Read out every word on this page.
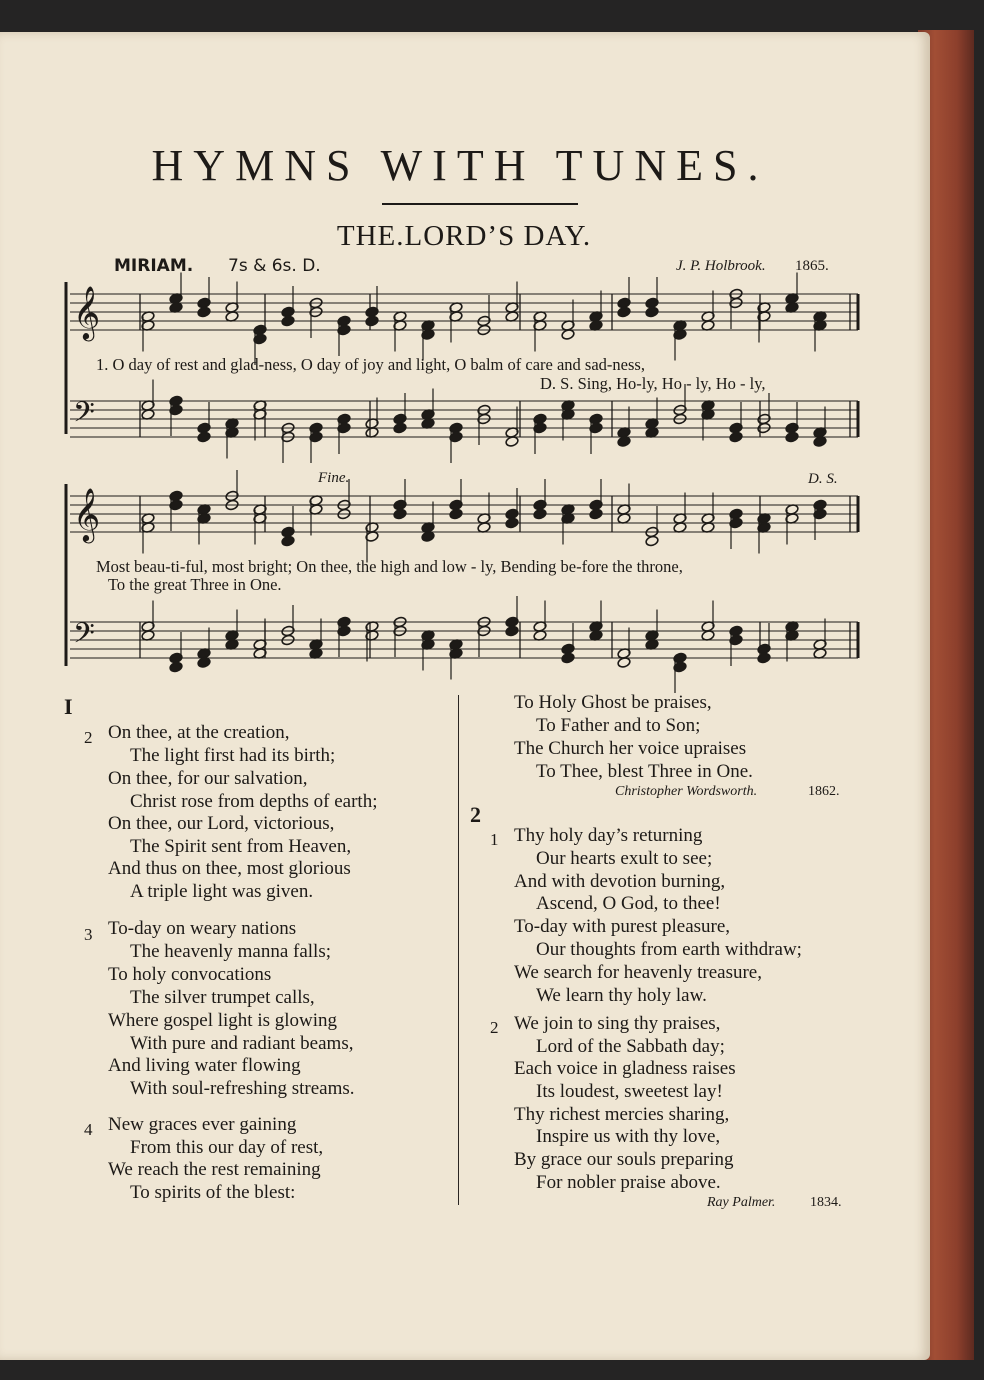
HYMNS WITH TUNES.
THE.LORD’S DAY.
MIRIAM. 7s & 6s. D.	J. P. Holbrook. 1865.
𝄞
𝄢
𝄞
𝄢
1. O day of rest and glad-ness, O day of joy and light, O balm of care and sad-ness,
D. S. Sing, Ho-ly, Ho - ly, Ho - ly,
Fine.	D. S.
Most beau-ti-ful, most bright; On thee, the high and low - ly, Bending be-fore the throne,
To the great Three in One.
I
2 On thee, at the creation,
The light first had its birth;
On thee, for our salvation,
Christ rose from depths of earth;
On thee, our Lord, victorious,
The Spirit sent from Heaven,
And thus on thee, most glorious
A triple light was given.
3 To-day on weary nations
The heavenly manna falls;
To holy convocations
The silver trumpet calls,
Where gospel light is glowing
With pure and radiant beams,
And living water flowing
With soul-refreshing streams.
4 New graces ever gaining
From this our day of rest,
We reach the rest remaining
To spirits of the blest:
To Holy Ghost be praises,
To Father and to Son;
The Church her voice upraises
To Thee, blest Three in One.
Christopher Wordsworth.	1862.
2
1 Thy holy day’s returning
Our hearts exult to see;
And with devotion burning,
Ascend, O God, to thee!
To-day with purest pleasure,
Our thoughts from earth withdraw;
We search for heavenly treasure,
We learn thy holy law.
2 We join to sing thy praises,
Lord of the Sabbath day;
Each voice in gladness raises
Its loudest, sweetest lay!
Thy richest mercies sharing,
Inspire us with thy love,
By grace our souls preparing
For nobler praise above.
Ray Palmer. 1834.
